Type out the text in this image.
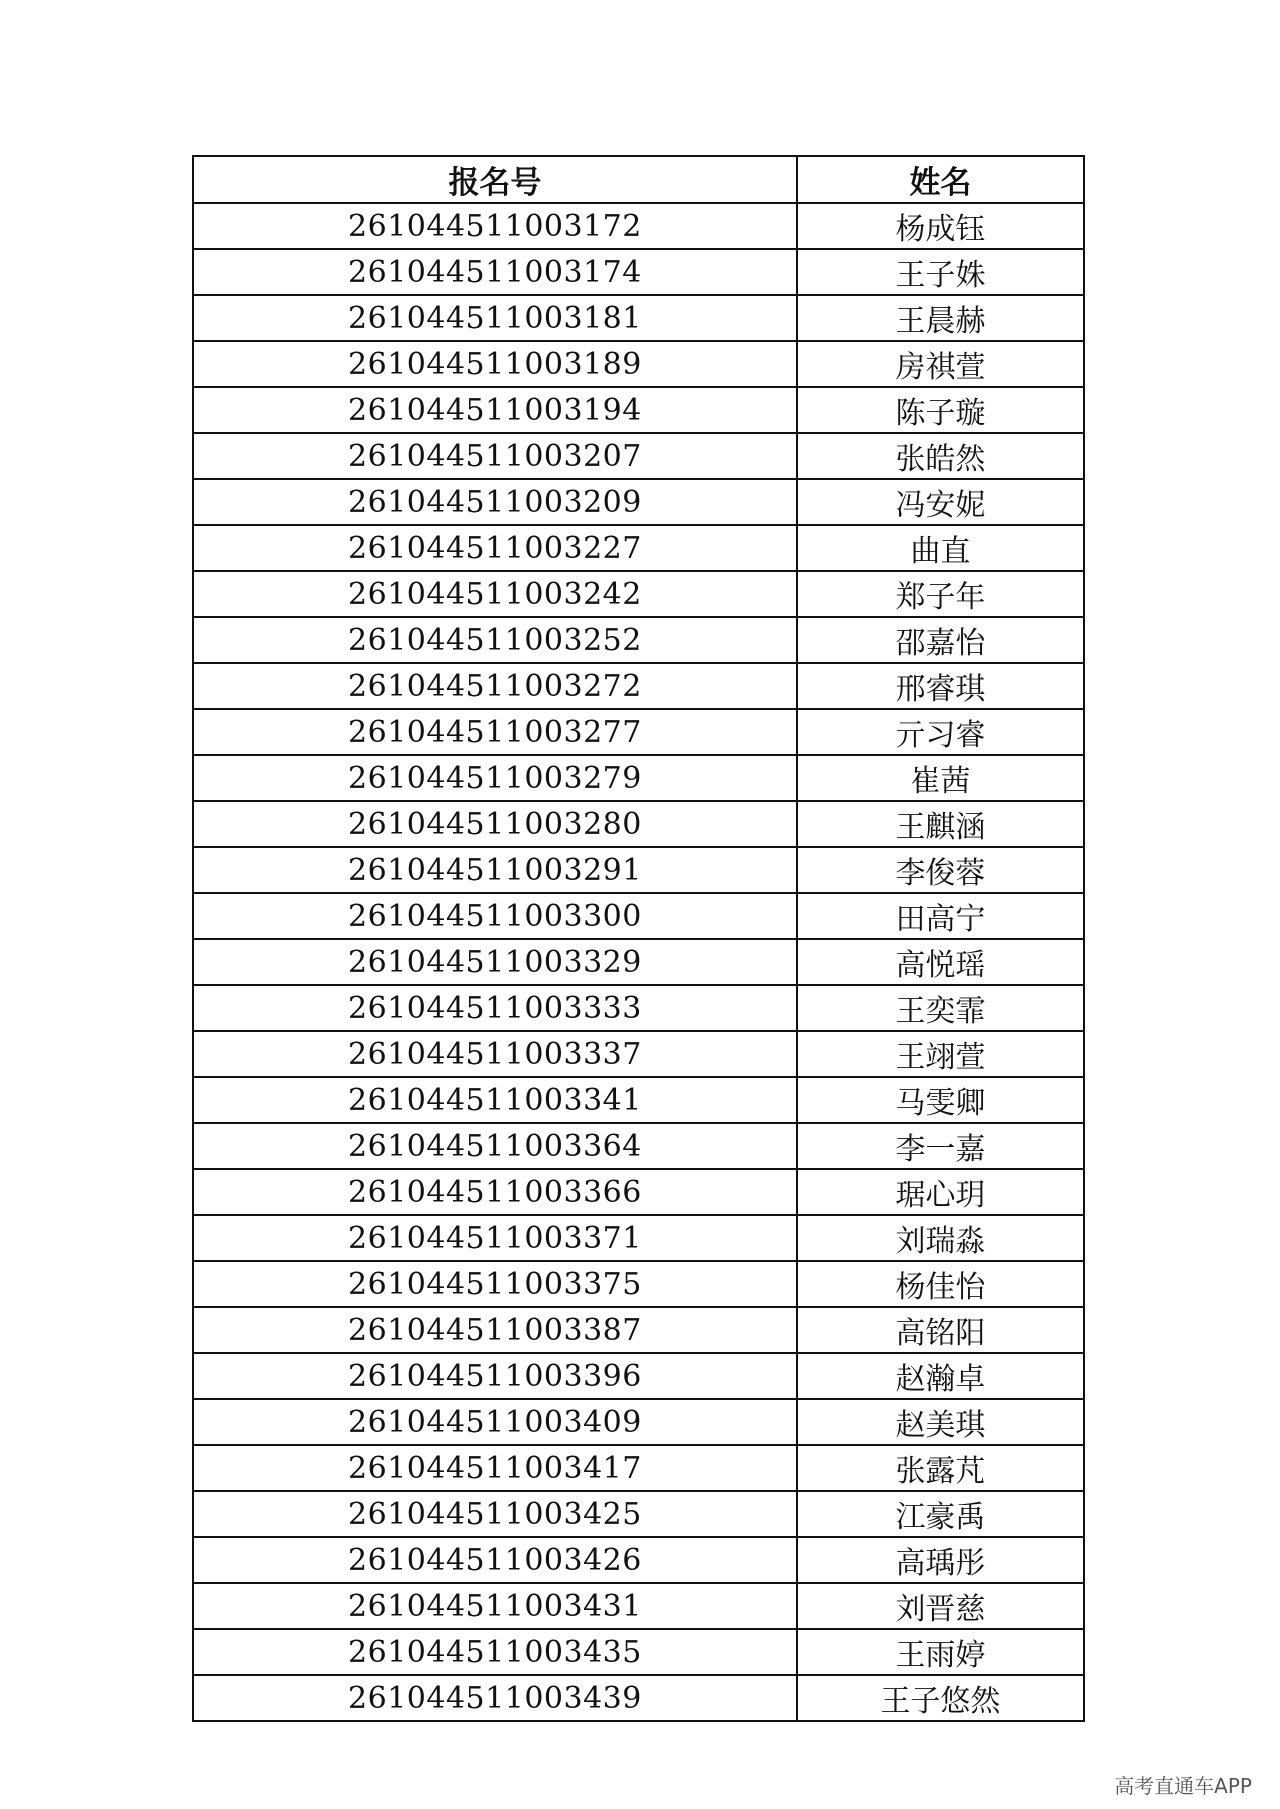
报名号	姓名
261044511003172	杨成钰
261044511003174	王子姝
261044511003181	王晨赫
261044511003189	房祺萱
261044511003194	陈子璇
261044511003207	张皓然
261044511003209	冯安妮
261044511003227	曲直
261044511003242	郑子年
261044511003252	邵嘉怡
261044511003272	邢睿琪
261044511003277	亓习睿
261044511003279	崔茜
261044511003280	王麒涵
261044511003291	李俊蓉
261044511003300	田高宁
261044511003329	高悦瑶
261044511003333	王奕霏
261044511003337	王翊萱
261044511003341	马雯卿
261044511003364	李一嘉
261044511003366	琚心玥
261044511003371	刘瑞淼
261044511003375	杨佳怡
261044511003387	高铭阳
261044511003396	赵瀚卓
261044511003409	赵美琪
261044511003417	张露芃
261044511003425	江豪禹
261044511003426	高瑀彤
261044511003431	刘晋慈
261044511003435	王雨婷
261044511003439	王子悠然
高考直通车APP
